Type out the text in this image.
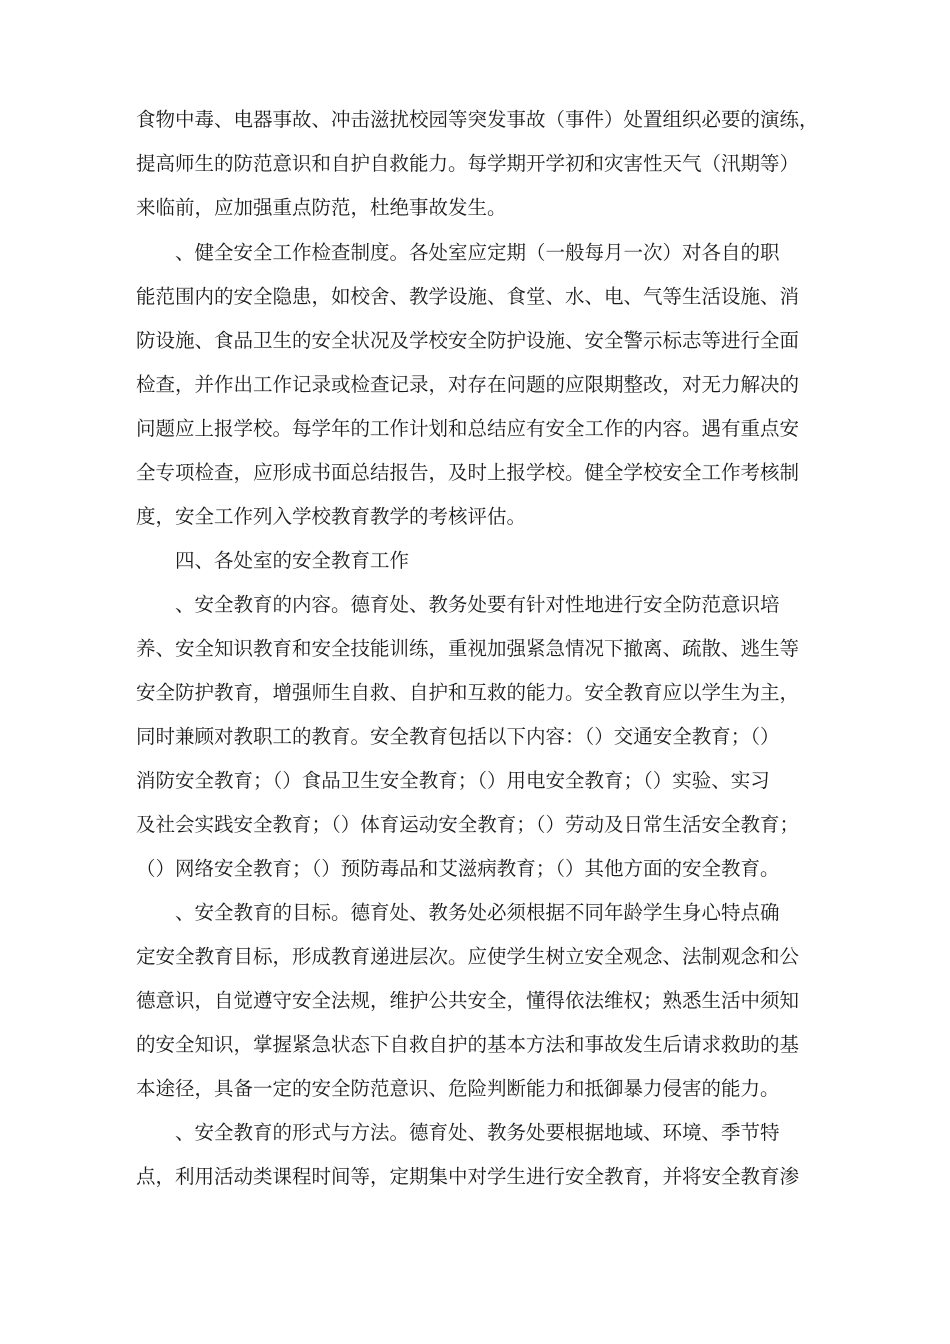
食物中毒、电器事故、冲击滋扰校园等突发事故（事件）处置组织必要的演练，
提高师生的防范意识和自护自救能力。每学期开学初和灾害性天气（汛期等）
来临前，应加强重点防范，杜绝事故发生。
　　、健全安全工作检查制度。各处室应定期（一般每月一次）对各自的职
能范围内的安全隐患，如校舍、教学设施、食堂、水、电、气等生活设施、消
防设施、食品卫生的安全状况及学校安全防护设施、安全警示标志等进行全面
检查，并作出工作记录或检查记录，对存在问题的应限期整改，对无力解决的
问题应上报学校。每学年的工作计划和总结应有安全工作的内容。遇有重点安
全专项检查，应形成书面总结报告，及时上报学校。健全学校安全工作考核制
度，安全工作列入学校教育教学的考核评估。
　　四、各处室的安全教育工作
　　、安全教育的内容。德育处、教务处要有针对性地进行安全防范意识培
养、安全知识教育和安全技能训练，重视加强紧急情况下撤离、疏散、逃生等
安全防护教育，增强师生自救、自护和互救的能力。安全教育应以学生为主，
同时兼顾对教职工的教育。安全教育包括以下内容：（）交通安全教育；（）
消防安全教育；（）食品卫生安全教育；（）用电安全教育；（）实验、实习
及社会实践安全教育；（）体育运动安全教育；（）劳动及日常生活安全教育；
（）网络安全教育；（）预防毒品和艾滋病教育；（）其他方面的安全教育。
　　、安全教育的目标。德育处、教务处必须根据不同年龄学生身心特点确
定安全教育目标，形成教育递进层次。应使学生树立安全观念、法制观念和公
德意识，自觉遵守安全法规，维护公共安全，懂得依法维权；熟悉生活中须知
的安全知识，掌握紧急状态下自救自护的基本方法和事故发生后请求救助的基
本途径，具备一定的安全防范意识、危险判断能力和抵御暴力侵害的能力。
　　、安全教育的形式与方法。德育处、教务处要根据地域、环境、季节特
点，利用活动类课程时间等，定期集中对学生进行安全教育，并将安全教育渗
